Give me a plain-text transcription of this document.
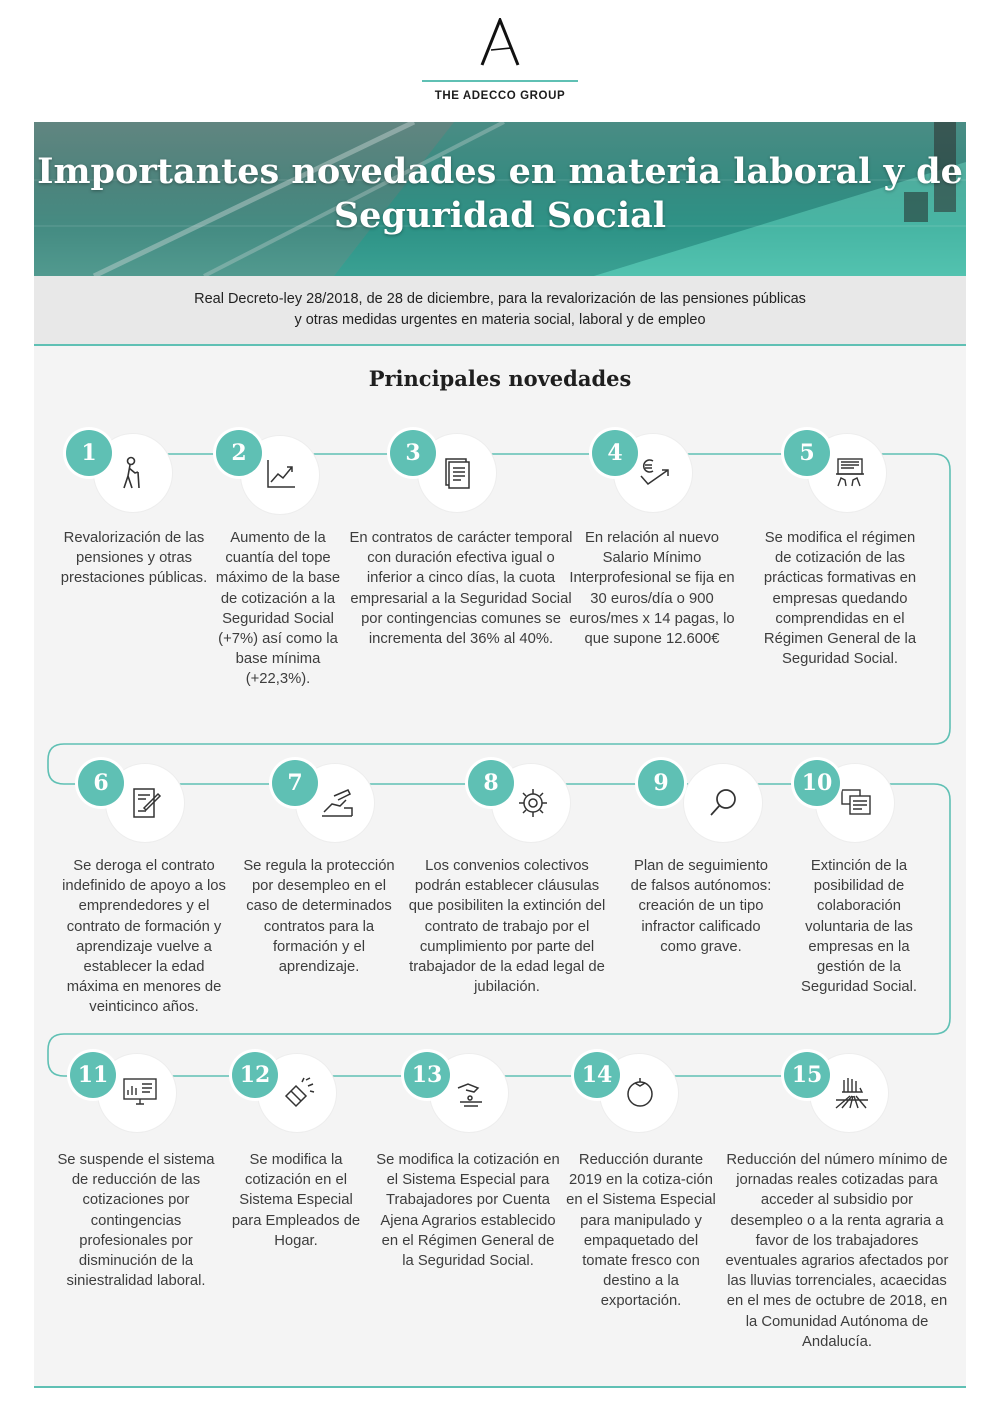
THE ADECCO GROUP
Importantes novedades en materia laboral y de Seguridad Social
Real Decreto-ley 28/2018, de 28 de diciembre, para la revalorización de las pensiones públicas
y otras medidas urgentes en materia social, laboral y de empleo
Principales novedades
1
Revalorización de las pensiones y otras prestaciones públicas.
2
Aumento de la cuantía del tope máximo de la base de cotización a la Seguridad Social (+7%) así como la base mínima (+22,3%).
3
En contratos de carácter temporal con duración efectiva igual o inferior a cinco días, la cuota empresarial a la Seguridad Social por contingencias comunes se incrementa del 36% al 40%.
4
En relación al nuevo Salario Mínimo Interprofesional se fija en 30 euros/día o 900 euros/mes x 14 pagas, lo que supone 12.600€
5
Se modifica el régimen de cotización de las prácticas formativas en empresas quedando comprendidas en el Régimen General de la Seguridad Social.
6
Se deroga el contrato indefinido de apoyo a los emprendedores y el contrato de formación y aprendizaje vuelve a establecer la edad máxima en menores de veinticinco años.
7
Se regula la protección por desempleo en el caso de determinados contratos para la formación y el aprendizaje.
8
Los convenios colectivos podrán establecer cláusulas que posibiliten la extinción del contrato de trabajo por el cumplimiento por parte del trabajador de la edad legal de jubilación.
9
Plan de seguimiento de falsos autónomos: creación de un tipo infractor calificado como grave.
10
Extinción de la posibilidad de colaboración voluntaria de las empresas en la gestión de la Seguridad Social.
11
Se suspende el sistema de reducción de las cotizaciones por contingencias profesionales por disminución de la siniestralidad laboral.
12
Se modifica la cotización en el Sistema Especial para Empleados de Hogar.
13
Se modifica la cotización en el Sistema Especial para Trabajadores por Cuenta Ajena Agrarios establecido en el Régimen General de la Seguridad Social.
14
Reducción durante 2019 en la cotiza-ción en el Sistema Especial para manipulado y empaquetado del tomate fresco con destino a la exportación.
15
Reducción del número mínimo de jornadas reales cotizadas para acceder al subsidio por desempleo o a la renta agraria a favor de los trabajadores eventuales agrarios afectados por las lluvias torrenciales, acaecidas en el mes de octubre de 2018, en la Comunidad Autónoma de Andalucía.
